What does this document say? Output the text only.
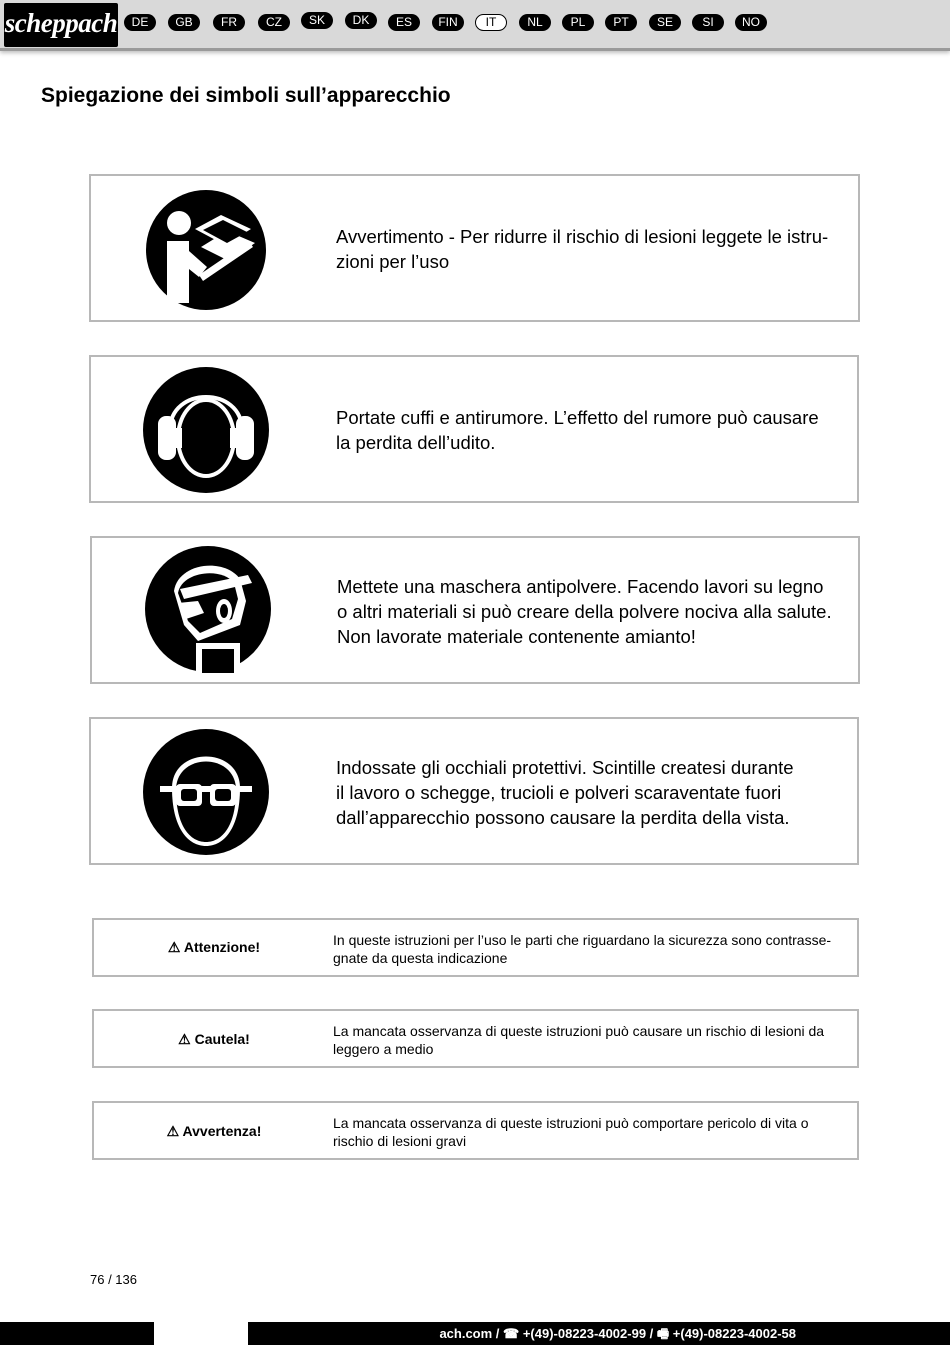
scheppach	DE	GB	FR	CZ	SK	DK	ES	FIN	IT	NL	PL	PT	SE	SI	NO
Spiegazione dei simboli sull’apparecchio
Avvertimento - Per ridurre il rischio di lesioni leggete le istru-
zioni per l’uso
Portate cuffi e antirumore. L’effetto del rumore può causare
la perdita dell’udito.
Mettete una maschera antipolvere. Facendo lavori su legno
o altri materiali si può creare della polvere nociva alla salute.
Non lavorate materiale contenente amianto!
Indossate gli occhiali protettivi. Scintille createsi durante
il lavoro o schegge, trucioli e polveri scaraventate fuori
dall’apparecchio possono causare la perdita della vista.
⚠ Attenzione!	In queste istruzioni per l’uso le parti che riguardano la sicurezza sono contrasse-
gnate da questa indicazione
⚠ Cautela!	La mancata osservanza di queste istruzioni può causare un rischio di lesioni da
leggero a medio
⚠ Avvertenza!	La mancata osservanza di queste istruzioni può comportare pericolo di vita o
rischio di lesioni gravi
76 / 136
ach.com / ☎ +(49)-08223-4002-99 / 🖷 +(49)-08223-4002-58
